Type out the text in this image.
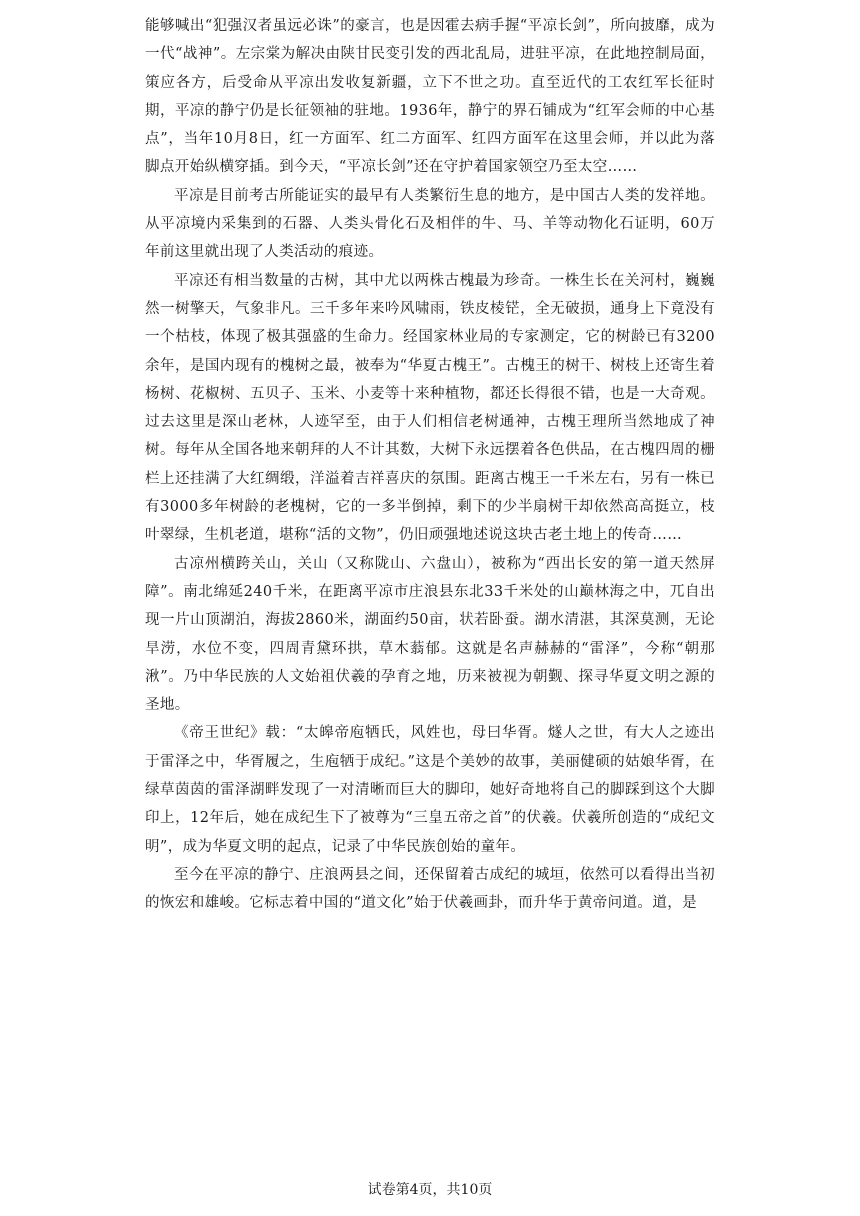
能够喊出“犯强汉者虽远必诛”的豪言，也是因霍去病手握“平凉长剑”，所向披靡，成为一代“战神”。左宗棠为解决由陕甘民变引发的西北乱局，进驻平凉，在此地控制局面，策应各方，后受命从平凉出发收复新疆，立下不世之功。直至近代的工农红军长征时期，平凉的静宁仍是长征领袖的驻地。1936年，静宁的界石铺成为“红军会师的中心基点”，当年10月8日，红一方面军、红二方面军、红四方面军在这里会师，并以此为落脚点开始纵横穿插。到今天，“平凉长剑”还在守护着国家领空乃至太空……

平凉是目前考古所能证实的最早有人类繁衍生息的地方，是中国古人类的发祥地。从平凉境内采集到的石器、人类头骨化石及相伴的牛、马、羊等动物化石证明，60万年前这里就出现了人类活动的痕迹。

平凉还有相当数量的古树，其中尤以两株古槐最为珍奇。一株生长在关河村，巍巍然一树擎天，气象非凡。三千多年来吟风啸雨，铁皮棱铓，全无破损，通身上下竟没有一个枯枝，体现了极其强盛的生命力。经国家林业局的专家测定，它的树龄已有3200余年，是国内现有的槐树之最，被奉为“华夏古槐王”。古槐王的树干、树枝上还寄生着杨树、花椒树、五贝子、玉米、小麦等十来种植物，都还长得很不错，也是一大奇观。过去这里是深山老林，人迹罕至，由于人们相信老树通神，古槐王理所当然地成了神树。每年从全国各地来朝拜的人不计其数，大树下永远摆着各色供品，在古槐四周的栅栏上还挂满了大红绸缎，洋溢着吉祥喜庆的氛围。距离古槐王一千米左右，另有一株已有3000多年树龄的老槐树，它的一多半倒掉，剩下的少半扇树干却依然高高挺立，枝叶翠绿，生机老道，堪称“活的文物”，仍旧顽强地述说这块古老土地上的传奇……

古凉州横跨关山，关山（又称陇山、六盘山），被称为“西出长安的第一道天然屏障”。南北绵延240千米，在距离平凉市庄浪县东北33千米处的山巅林海之中，兀自出现一片山顶湖泊，海拔2860米，湖面约50亩，状若卧蚕。湖水清湛，其深莫测，无论旱涝，水位不变，四周青黛环拱，草木蓊郁。这就是名声赫赫的“雷泽”，今称“朝那湫”。乃中华民族的人文始祖伏羲的孕育之地，历来被视为朝觐、探寻华夏文明之源的圣地。

《帝王世纪》载：“太皞帝庖牺氏，风姓也，母曰华胥。燧人之世，有大人之迹出于雷泽之中，华胥履之，生庖牺于成纪。”这是个美妙的故事，美丽健硕的姑娘华胥，在绿草茵茵的雷泽湖畔发现了一对清晰而巨大的脚印，她好奇地将自己的脚踩到这个大脚印上，12年后，她在成纪生下了被尊为“三皇五帝之首”的伏羲。伏羲所创造的“成纪文明”，成为华夏文明的起点，记录了中华民族创始的童年。

至今在平凉的静宁、庄浪两县之间，还保留着古成纪的城垣，依然可以看得出当初的恢宏和雄峻。它标志着中国的“道文化”始于伏羲画卦，而升华于黄帝问道。道，是

试卷第4页，共10页
